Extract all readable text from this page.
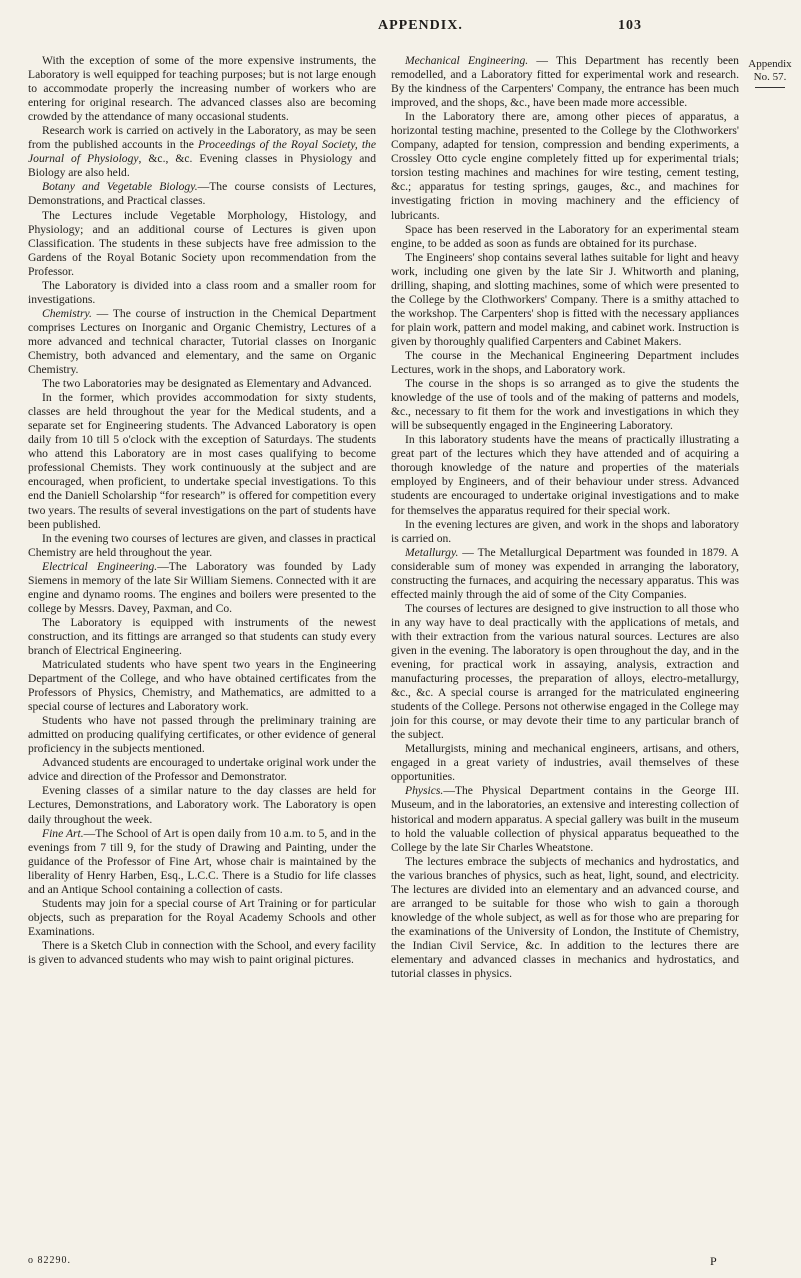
APPENDIX.	103

With the exception of some of the more expensive instruments, the Laboratory is well equipped for teaching purposes; but is not large enough to accommodate properly the increasing number of workers who are entering for original research. The advanced classes also are becoming crowded by the attendance of many occasional students.

Research work is carried on actively in the Laboratory, as may be seen from the published accounts in the Proceedings of the Royal Society, the Journal of Physiology, &c., &c. Evening classes in Physiology and Biology are also held.

Botany and Vegetable Biology.—The course consists of Lectures, Demonstrations, and Practical classes.

The Lectures include Vegetable Morphology, Histology, and Physiology; and an additional course of Lectures is given upon Classification. The students in these subjects have free admission to the Gardens of the Royal Botanic Society upon recommendation from the Professor.

The Laboratory is divided into a class room and a smaller room for investigations.

Chemistry. — The course of instruction in the Chemical Department comprises Lectures on Inorganic and Organic Chemistry, Lectures of a more advanced and technical character, Tutorial classes on Inorganic Chemistry, both advanced and elementary, and the same on Organic Chemistry.

The two Laboratories may be designated as Elementary and Advanced.

In the former, which provides accommodation for sixty students, classes are held throughout the year for the Medical students, and a separate set for Engineering students. The Advanced Laboratory is open daily from 10 till 5 o'clock with the exception of Saturdays. The students who attend this Laboratory are in most cases qualifying to become professional Chemists. They work continuously at the subject and are encouraged, when proficient, to undertake special investigations. To this end the Daniell Scholarship “for research” is offered for competition every two years. The results of several investigations on the part of students have been published.

In the evening two courses of lectures are given, and classes in practical Chemistry are held throughout the year.

Electrical Engineering.—The Laboratory was founded by Lady Siemens in memory of the late Sir William Siemens. Connected with it are engine and dynamo rooms. The engines and boilers were presented to the college by Messrs. Davey, Paxman, and Co.

The Laboratory is equipped with instruments of the newest construction, and its fittings are arranged so that students can study every branch of Electrical Engineering.

Matriculated students who have spent two years in the Engineering Department of the College, and who have obtained certificates from the Professors of Physics, Chemistry, and Mathematics, are admitted to a special course of lectures and Laboratory work.

Students who have not passed through the preliminary training are admitted on producing qualifying certificates, or other evidence of general proficiency in the subjects mentioned.

Advanced students are encouraged to undertake original work under the advice and direction of the Professor and Demonstrator.

Evening classes of a similar nature to the day classes are held for Lectures, Demonstrations, and Laboratory work. The Laboratory is open daily throughout the week.

Fine Art.—The School of Art is open daily from 10 a.m. to 5, and in the evenings from 7 till 9, for the study of Drawing and Painting, under the guidance of the Professor of Fine Art, whose chair is maintained by the liberality of Henry Harben, Esq., L.C.C. There is a Studio for life classes and an Antique School containing a collection of casts.

Students may join for a special course of Art Training or for particular objects, such as preparation for the Royal Academy Schools and other Examinations.

There is a Sketch Club in connection with the School, and every facility is given to advanced students who may wish to paint original pictures.

Mechanical Engineering. — This Department has recently been remodelled, and a Laboratory fitted for experimental work and research. By the kindness of the Carpenters' Company, the entrance has been much improved, and the shops, &c., have been made more accessible.

In the Laboratory there are, among other pieces of apparatus, a horizontal testing machine, presented to the College by the Clothworkers' Company, adapted for tension, compression and bending experiments, a Crossley Otto cycle engine completely fitted up for experimental trials; torsion testing machines and machines for wire testing, cement testing, &c.; apparatus for testing springs, gauges, &c., and machines for investigating friction in moving machinery and the efficiency of lubricants.

Space has been reserved in the Laboratory for an experimental steam engine, to be added as soon as funds are obtained for its purchase.

The Engineers' shop contains several lathes suitable for light and heavy work, including one given by the late Sir J. Whitworth and planing, drilling, shaping, and slotting machines, some of which were presented to the College by the Clothworkers' Company. There is a smithy attached to the workshop. The Carpenters' shop is fitted with the necessary appliances for plain work, pattern and model making, and cabinet work. Instruction is given by thoroughly qualified Carpenters and Cabinet Makers.

The course in the Mechanical Engineering Department includes Lectures, work in the shops, and Laboratory work.

The course in the shops is so arranged as to give the students the knowledge of the use of tools and of the making of patterns and models, &c., necessary to fit them for the work and investigations in which they will be subsequently engaged in the Engineering Laboratory.

In this laboratory students have the means of practically illustrating a great part of the lectures which they have attended and of acquiring a thorough knowledge of the nature and properties of the materials employed by Engineers, and of their behaviour under stress. Advanced students are encouraged to undertake original investigations and to make for themselves the apparatus required for their special work.

In the evening lectures are given, and work in the shops and laboratory is carried on.

Metallurgy. — The Metallurgical Department was founded in 1879. A considerable sum of money was expended in arranging the laboratory, constructing the furnaces, and acquiring the necessary apparatus. This was effected mainly through the aid of some of the City Companies.

The courses of lectures are designed to give instruction to all those who in any way have to deal practically with the applications of metals, and with their extraction from the various natural sources. Lectures are also given in the evening. The laboratory is open throughout the day, and in the evening, for practical work in assaying, analysis, extraction and manufacturing processes, the preparation of alloys, electro-metallurgy, &c., &c. A special course is arranged for the matriculated engineering students of the College. Persons not otherwise engaged in the College may join for this course, or may devote their time to any particular branch of the subject.

Metallurgists, mining and mechanical engineers, artisans, and others, engaged in a great variety of industries, avail themselves of these opportunities.

Physics.—The Physical Department contains in the George III. Museum, and in the laboratories, an extensive and interesting collection of historical and modern apparatus. A special gallery was built in the museum to hold the valuable collection of physical apparatus bequeathed to the College by the late Sir Charles Wheatstone.

The lectures embrace the subjects of mechanics and hydrostatics, and the various branches of physics, such as heat, light, sound, and electricity. The lectures are divided into an elementary and an advanced course, and are arranged to be suitable for those who wish to gain a thorough knowledge of the whole subject, as well as for those who are preparing for the examinations of the University of London, the Institute of Chemistry, the Indian Civil Service, &c. In addition to the lectures there are elementary and advanced classes in mechanics and hydrostatics, and tutorial classes in physics.

Appendix
No. 57.
o 82290.	P
